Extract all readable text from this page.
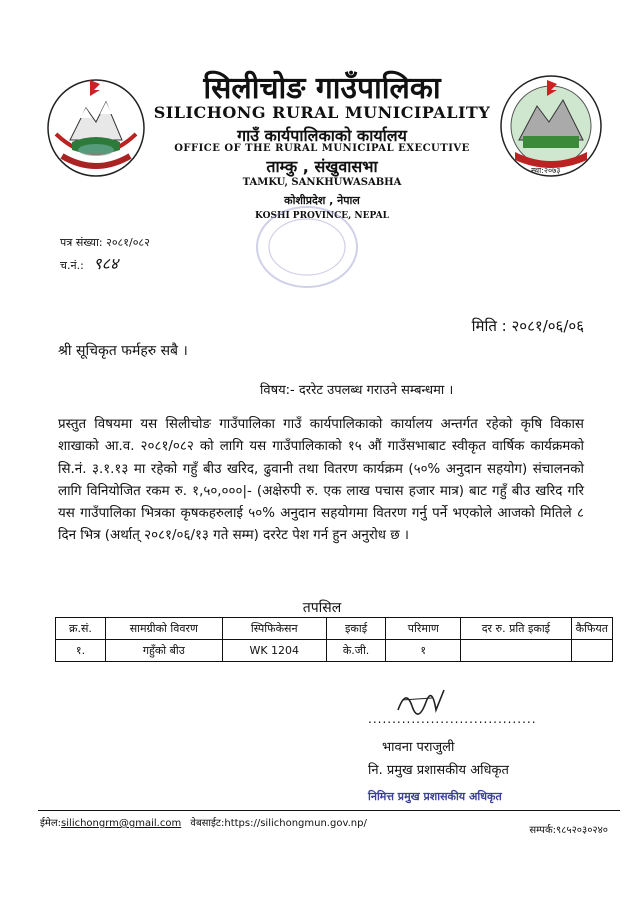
स्था:२०७३
सिलीचोङ गाउँपालिका
SILICHONG RURAL MUNICIPALITY
गाउँ कार्यपालिकाको कार्यालय
OFFICE OF THE RURAL MUNICIPAL EXECUTIVE
ताम्कु , संखुवासभा
TAMKU, SANKHUWASABHA
कोशीप्रदेश , नेपाल
KOSHI PROVINCE, NEPAL
पत्र संख्या: २०८१/०८२
च.नं.: ९८४
मिति : २०८१/०६/०६
श्री सूचिकृत फर्महरु सबै ।
विषय:- दररेट उपलब्ध गराउने सम्बन्धमा ।
प्रस्तुत विषयमा यस सिलीचोङ गाउँपालिका गाउँ कार्यपालिकाको कार्यालय अन्तर्गत रहेको कृषि विकास शाखाको आ.व. २०८१/०८२ को लागि यस गाउँपालिकाको १५ औं गाउँसभाबाट स्वीकृत वार्षिक कार्यक्रमको सि.नं. ३.१.१३ मा रहेको गहुँ बीउ खरिद, ढुवानी तथा वितरण कार्यक्रम (५०% अनुदान सहयोग) संचालनको लागि विनियोजित रकम रु. १,५०,०००|- (अक्षेरुपी रु. एक लाख पचास हजार मात्र) बाट गहुँ बीउ खरिद गरि यस गाउँपालिका भित्रका कृषकहरुलाई ५०% अनुदान सहयोगमा वितरण गर्नु पर्ने भएकोले आजको मितिले ८ दिन भित्र (अर्थात् २०८१/०६/१३ गते सम्म) दररेट पेश गर्न हुन अनुरोध छ ।
तपसिल
क्र.सं.	सामग्रीको विवरण	स्पिफिकेसन	इकाई	परिमाण	दर रु. प्रति इकाई	कैफियत
१.	गहुँको बीउ	WK 1204	के.जी.	१		
...................................
भावना पराजुली
नि. प्रमुख प्रशासकीय अधिकृत
निमित्त प्रमुख प्रशासकीय अधिकृत
ईमेल:silichongrm@gmail.com वेबसाईट:https://silichongmun.gov.np/
सम्पर्क:९८५२०३०२४०
